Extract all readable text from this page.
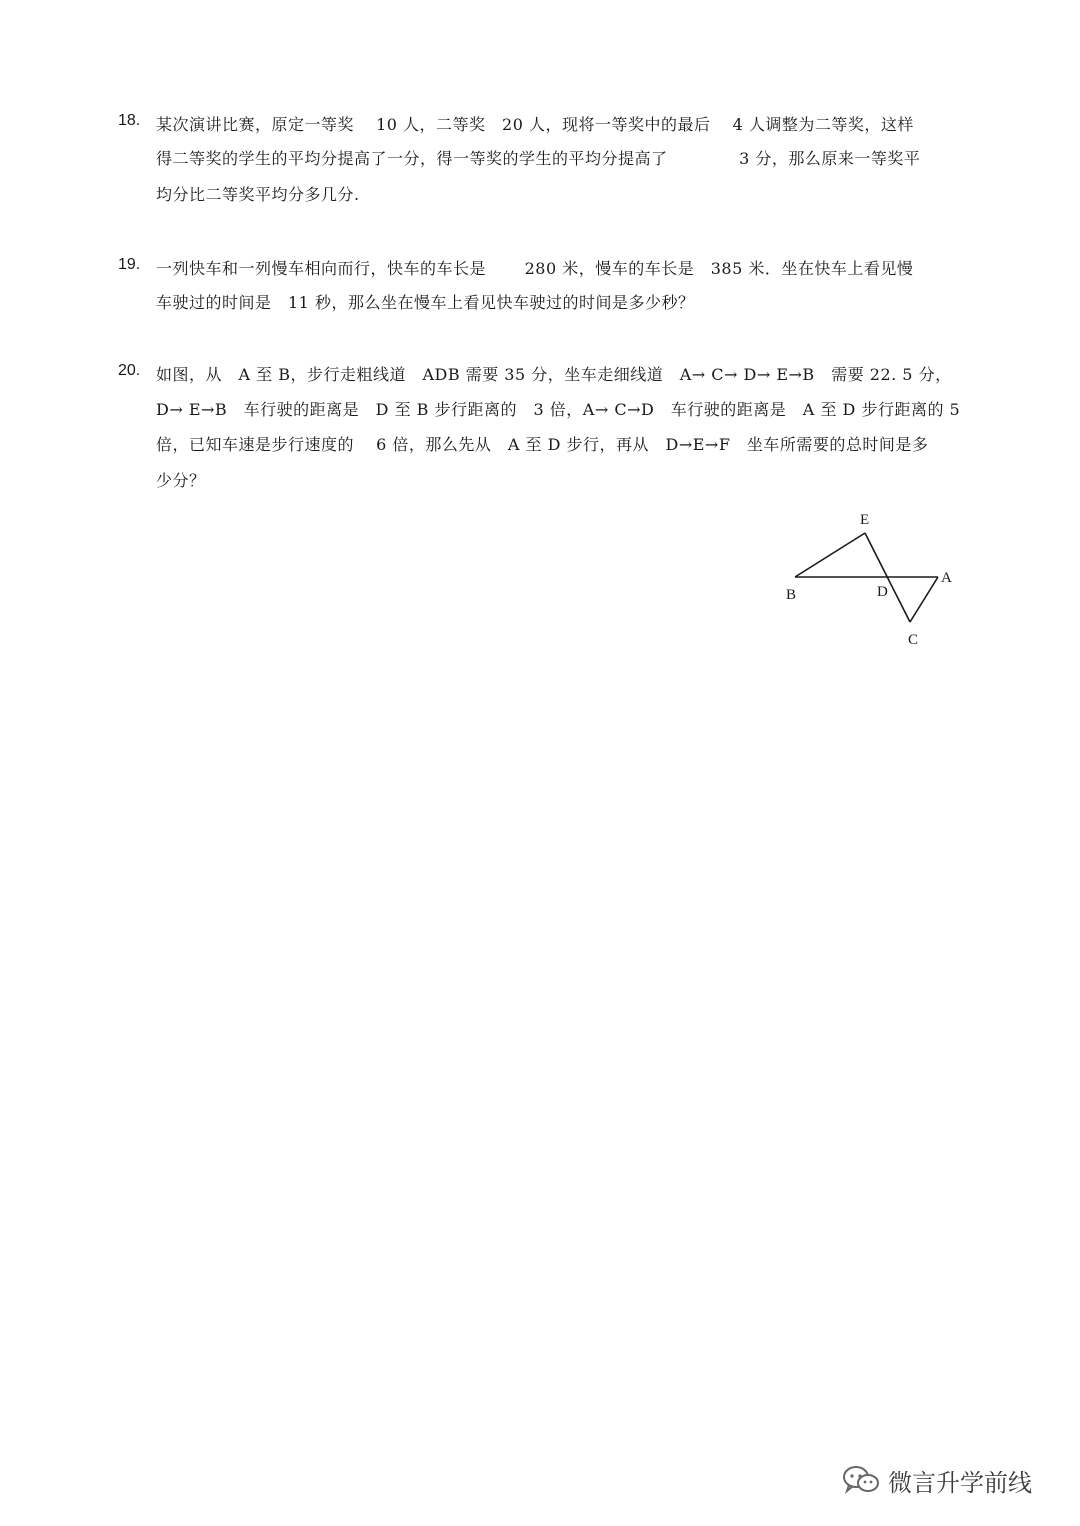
18. 某次演讲比赛，原定一等奖　 10 人，二等奖　20 人，现将一等奖中的最后　 4 人调整为二等奖，这样
得二等奖的学生的平均分提高了一分，得一等奖的学生的平均分提高了　　　　 3 分，那么原来一等奖平
均分比二等奖平均分多几分.
19. 一列快车和一列慢车相向而行，快车的车长是　　 280 米，慢车的车长是　385 米．坐在快车上看见慢
车驶过的时间是　11 秒，那么坐在慢车上看见快车驶过的时间是多少秒？
20. 如图，从　A 至 B，步行走粗线道　ADB 需要 35 分，坐车走细线道　A→ C→ D→ E→B　需要 22. 5 分，
D→ E→B　车行驶的距离是　D 至 B 步行距离的　3 倍，A→ C→D　车行驶的距离是　A 至 D 步行距离的 5
倍，已知车速是步行速度的　 6 倍，那么先从　A 至 D 步行，再从　D→E→F　坐车所需要的总时间是多
少分？
E
B	D
A
C
微言升学前线
